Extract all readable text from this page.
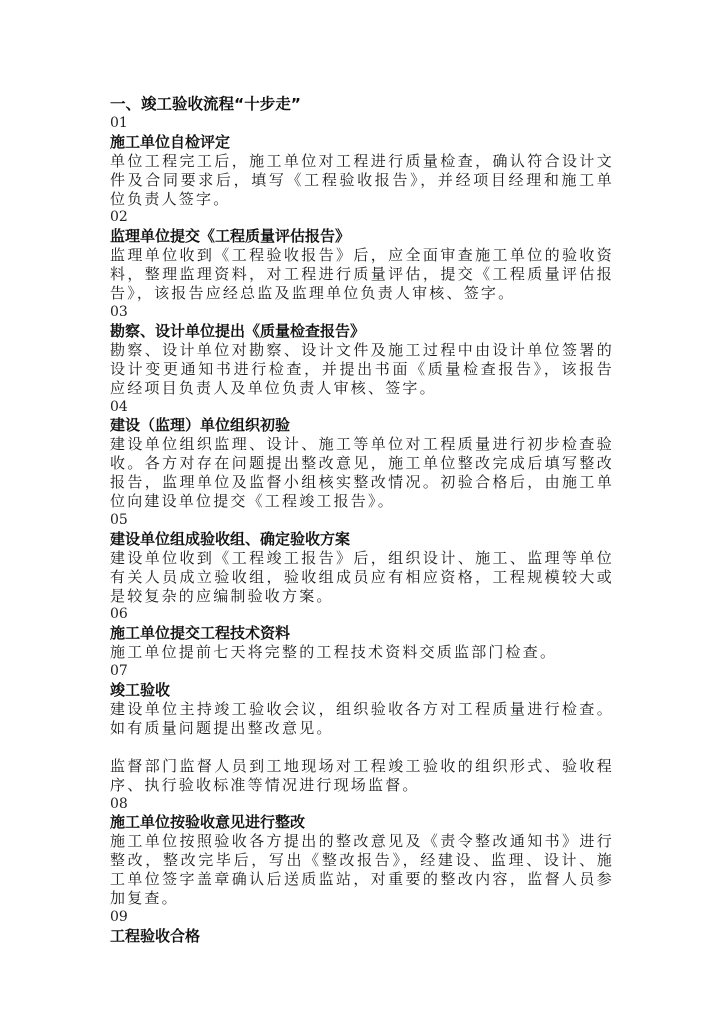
一、竣工验收流程“十步走”
01
施工单位自检评定

单位工程完工后，施工单位对工程进行质量检查，确认符合设计文件及合同要求后，填写《工程验收报告》，并经项目经理和施工单位负责人签字。

02
监理单位提交《工程质量评估报告》

监理单位收到《工程验收报告》后，应全面审查施工单位的验收资料，整理监理资料，对工程进行质量评估，提交《工程质量评估报告》，该报告应经总监及监理单位负责人审核、签字。

03
勘察、设计单位提出《质量检查报告》

勘察、设计单位对勘察、设计文件及施工过程中由设计单位签署的设计变更通知书进行检查，并提出书面《质量检查报告》，该报告应经项目负责人及单位负责人审核、签字。

04
建设（监理）单位组织初验

建设单位组织监理、设计、施工等单位对工程质量进行初步检查验收。各方对存在问题提出整改意见，施工单位整改完成后填写整改报告，监理单位及监督小组核实整改情况。初验合格后，由施工单位向建设单位提交《工程竣工报告》。

05
建设单位组成验收组、确定验收方案

建设单位收到《工程竣工报告》后，组织设计、施工、监理等单位有关人员成立验收组，验收组成员应有相应资格，工程规模较大或是较复杂的应编制验收方案。

06
施工单位提交工程技术资料

施工单位提前七天将完整的工程技术资料交质监部门检查。

07
竣工验收

建设单位主持竣工验收会议，组织验收各方对工程质量进行检查。如有质量问题提出整改意见。

监督部门监督人员到工地现场对工程竣工验收的组织形式、验收程序、执行验收标准等情况进行现场监督。

08
施工单位按验收意见进行整改

施工单位按照验收各方提出的整改意见及《责令整改通知书》进行整改，整改完毕后，写出《整改报告》，经建设、监理、设计、施工单位签字盖章确认后送质监站，对重要的整改内容，监督人员参加复查。

09
工程验收合格
